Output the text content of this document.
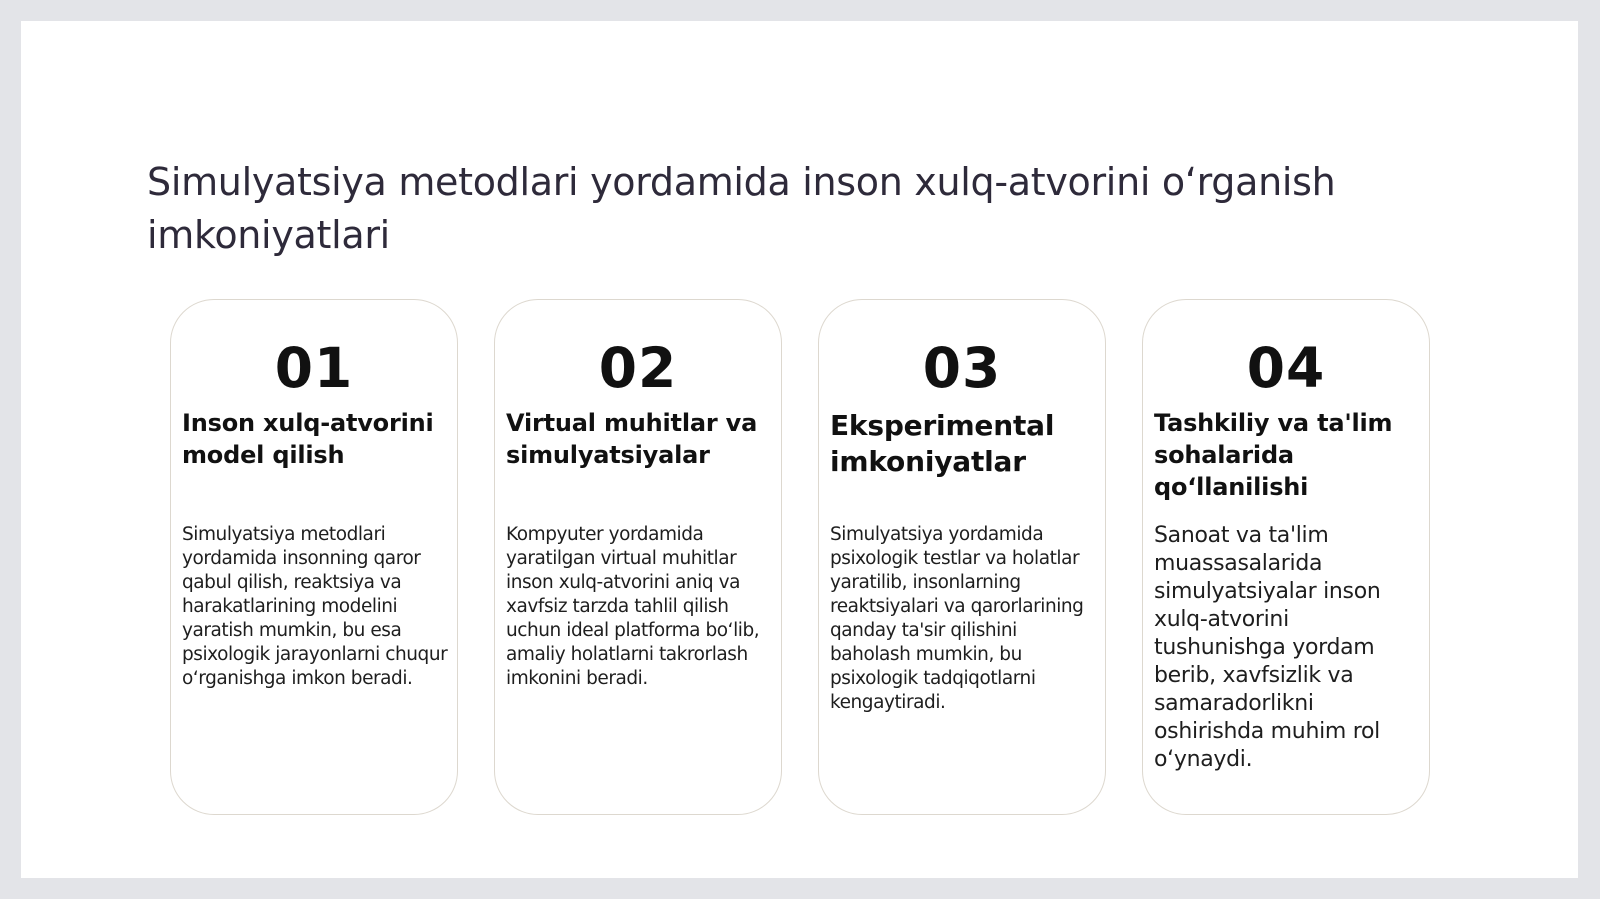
Simulyatsiya metodlari yordamida inson xulq-atvorini o‘rganish imkoniyatlari
01
Inson xulq-atvorini model qilish

Simulyatsiya metodlari yordamida insonning qaror qabul qilish, reaktsiya va harakatlarining modelini yaratish mumkin, bu esa psixologik jarayonlarni chuqur o‘rganishga imkon beradi.

02
Virtual muhitlar va simulyatsiyalar

Kompyuter yordamida yaratilgan virtual muhitlar inson xulq-atvorini aniq va xavfsiz tarzda tahlil qilish uchun ideal platforma bo‘lib, amaliy holatlarni takrorlash imkonini beradi.

03
Eksperimental imkoniyatlar

Simulyatsiya yordamida psixologik testlar va holatlar yaratilib, insonlarning reaktsiyalari va qarorlarining qanday ta'sir qilishini baholash mumkin, bu psixologik tadqiqotlarni kengaytiradi.

04
Tashkiliy va ta'lim sohalarida qo‘llanilishi

Sanoat va ta'lim muassasalarida simulyatsiyalar inson xulq-atvorini tushunishga yordam berib, xavfsizlik va samaradorlikni oshirishda muhim rol o‘ynaydi.
